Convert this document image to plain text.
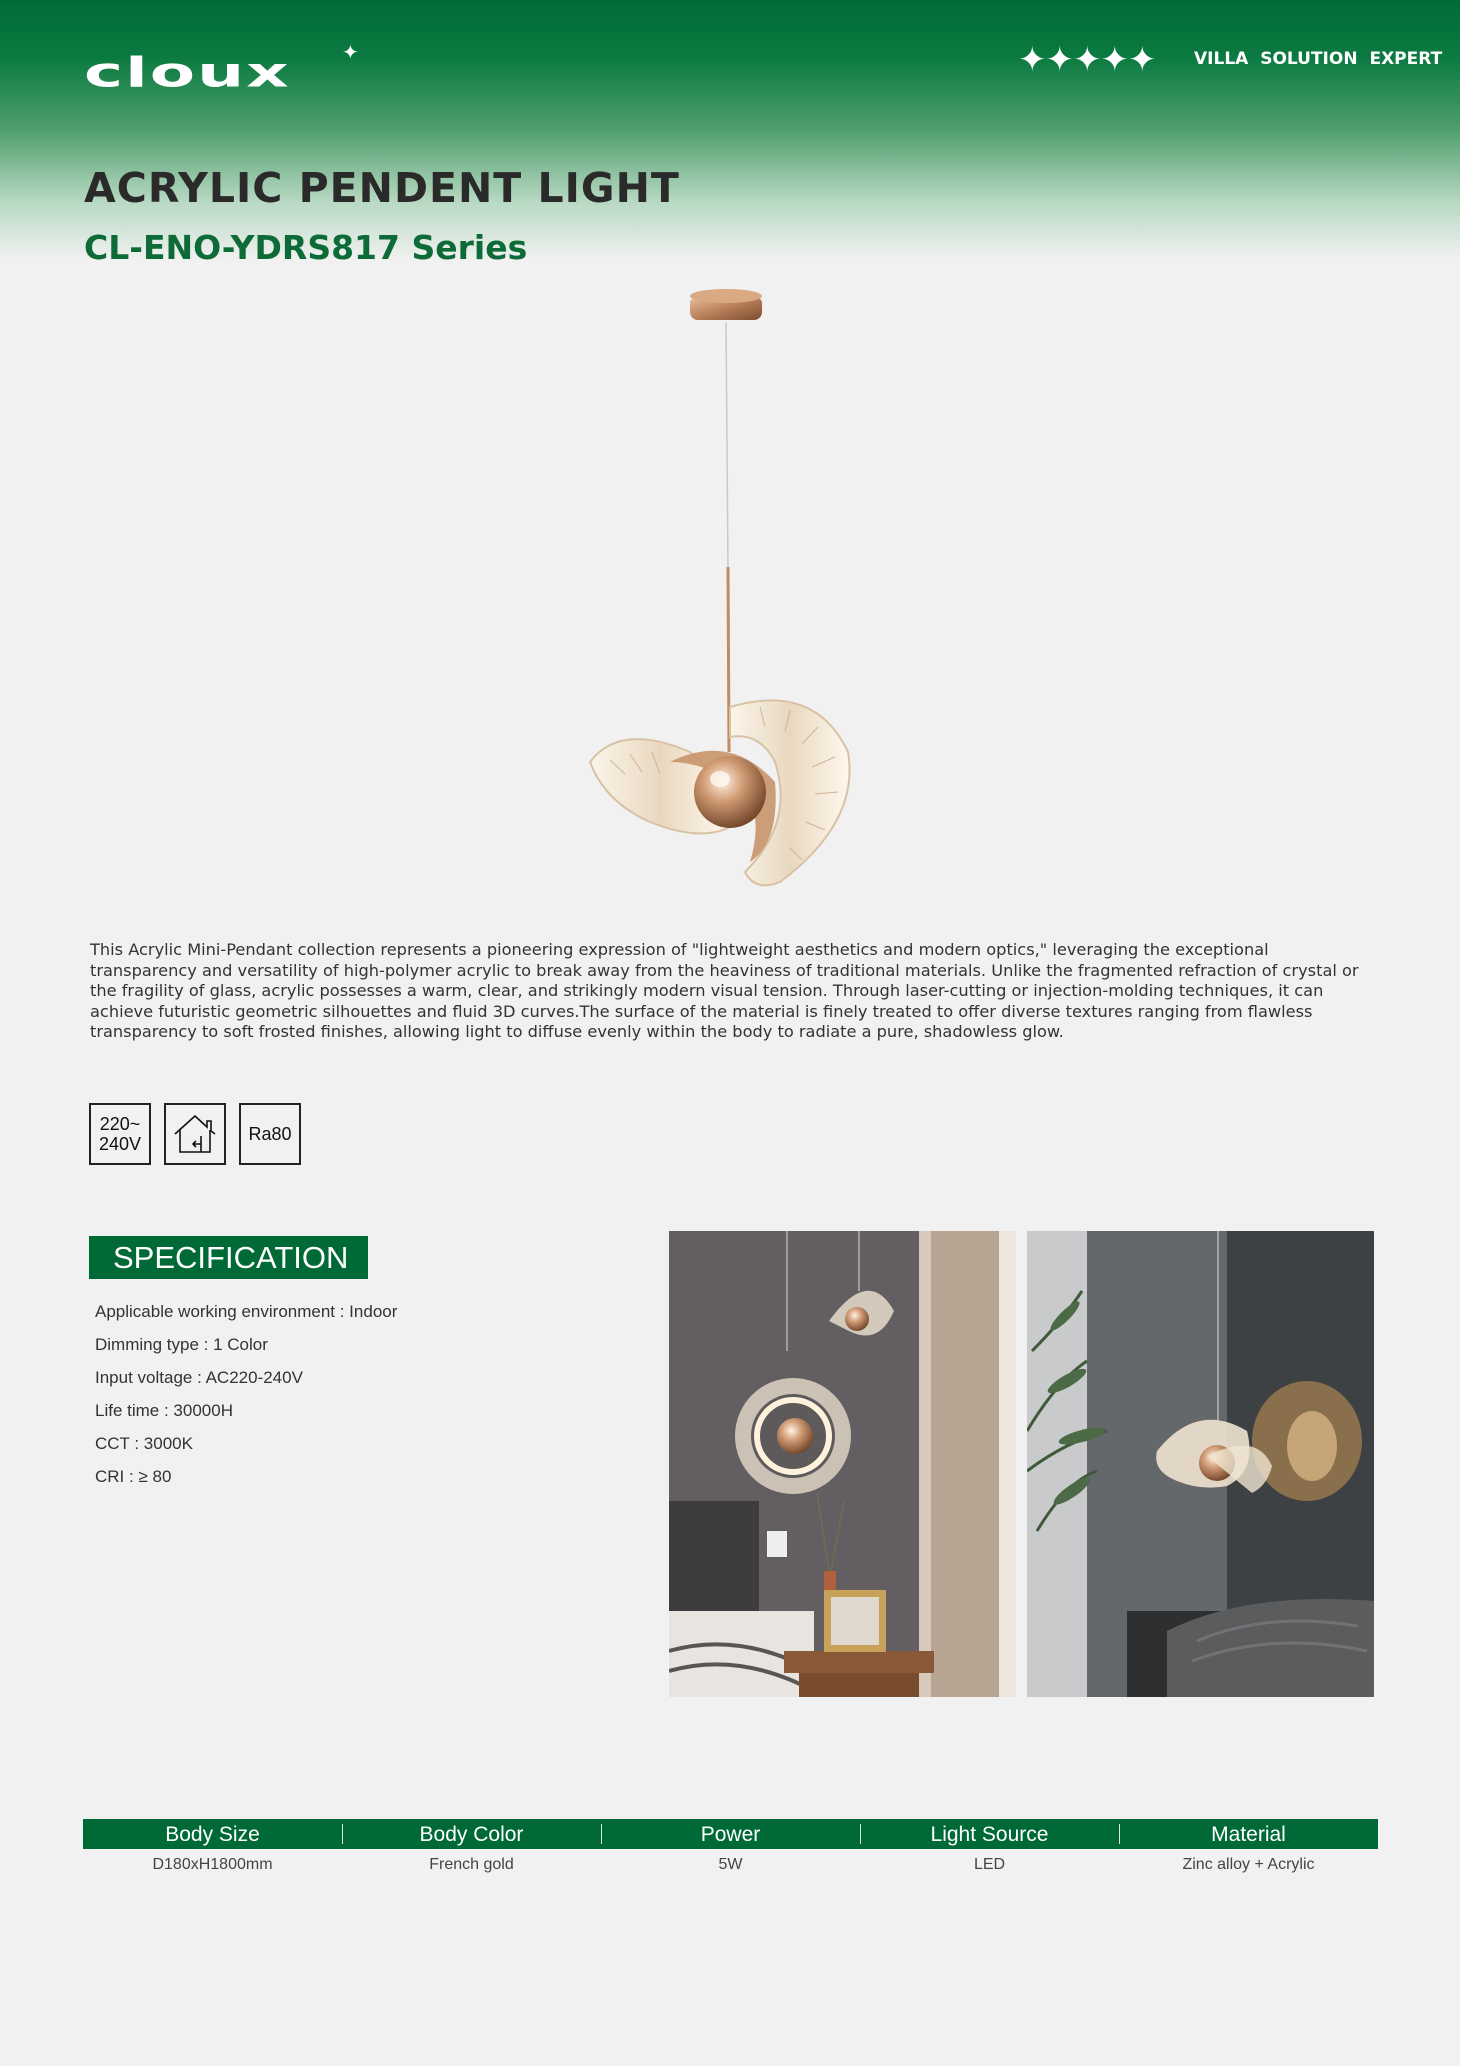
cloux	✦	✦✦✦✦✦ VILLA SOLUTION EXPERT
ACRYLIC PENDENT LIGHT
CL-ENO-YDRS817 Series

This Acrylic Mini-Pendant collection represents a pioneering expression of "lightweight aesthetics and modern optics," leveraging the exceptional transparency and versatility of high-polymer acrylic to break away from the heaviness of traditional materials. Unlike the fragmented refraction of crystal or the fragility of glass, acrylic possesses a warm, clear, and strikingly modern visual tension. Through laser-cutting or injection-molding techniques, it can achieve futuristic geometric silhouettes and fluid 3D curves.The surface of the material is finely treated to offer diverse textures ranging from flawless transparency to soft frosted finishes, allowing light to diffuse evenly within the body to radiate a pure, shadowless glow.

220~
240V	Ra80
SPECIFICATION
Applicable working environment : Indoor
Dimming type : 1 Color
Input voltage : AC220-240V
Life time : 30000H
CCT : 3000K
CRI : ≥ 80
Body Size	Body Color	Power	Light Source	Material
D180xH1800mm	French gold	5W	LED	Zinc alloy + Acrylic
